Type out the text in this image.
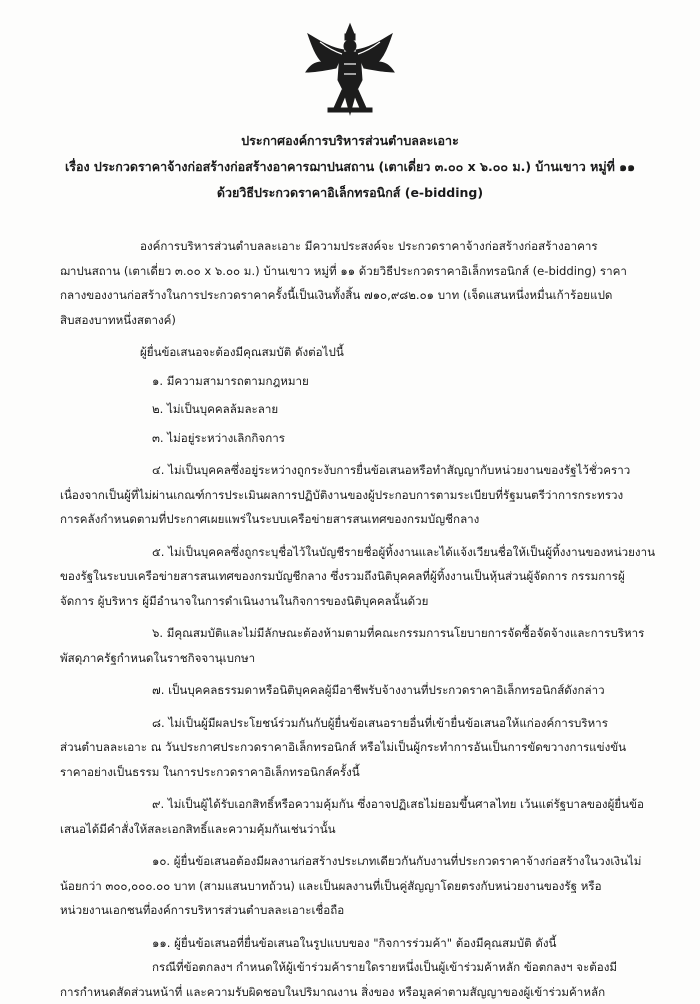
ประกาศองค์การบริหารส่วนตำบลละเอาะ
เรื่อง ประกวดราคาจ้างก่อสร้างก่อสร้างอาคารฌาปนสถาน (เตาเดี่ยว ๓.๐๐ x ๖.๐๐ ม.) บ้านเขาว หมู่ที่ ๑๑
ด้วยวิธีประกวดราคาอิเล็กทรอนิกส์ (e-bidding)
องค์การบริหารส่วนตำบลละเอาะ มีความประสงค์จะ ประกวดราคาจ้างก่อสร้างก่อสร้างอาคาร
ฌาปนสถาน (เตาเดี่ยว ๓.๐๐ x ๖.๐๐ ม.) บ้านเขาว หมู่ที่ ๑๑ ด้วยวิธีประกวดราคาอิเล็กทรอนิกส์ (e-bidding) ราคา
กลางของงานก่อสร้างในการประกวดราคาครั้งนี้เป็นเงินทั้งสิ้น ๗๑๐,๙๘๒.๐๑ บาท (เจ็ดแสนหนึ่งหมื่นเก้าร้อยแปด
สิบสองบาทหนึ่งสตางค์)
ผู้ยื่นข้อเสนอจะต้องมีคุณสมบัติ ดังต่อไปนี้
๑. มีความสามารถตามกฎหมาย
๒. ไม่เป็นบุคคลล้มละลาย
๓. ไม่อยู่ระหว่างเลิกกิจการ
๔. ไม่เป็นบุคคลซึ่งอยู่ระหว่างถูกระงับการยื่นข้อเสนอหรือทำสัญญากับหน่วยงานของรัฐไว้ชั่วคราว
เนื่องจากเป็นผู้ที่ไม่ผ่านเกณฑ์การประเมินผลการปฏิบัติงานของผู้ประกอบการตามระเบียบที่รัฐมนตรีว่าการกระทรวง
การคลังกำหนดตามที่ประกาศเผยแพร่ในระบบเครือข่ายสารสนเทศของกรมบัญชีกลาง
๕. ไม่เป็นบุคคลซึ่งถูกระบุชื่อไว้ในบัญชีรายชื่อผู้ทิ้งงานและได้แจ้งเวียนชื่อให้เป็นผู้ทิ้งงานของหน่วยงาน
ของรัฐในระบบเครือข่ายสารสนเทศของกรมบัญชีกลาง ซึ่งรวมถึงนิติบุคคลที่ผู้ทิ้งงานเป็นหุ้นส่วนผู้จัดการ กรรมการผู้
จัดการ ผู้บริหาร ผู้มีอำนาจในการดำเนินงานในกิจการของนิติบุคคลนั้นด้วย
๖. มีคุณสมบัติและไม่มีลักษณะต้องห้ามตามที่คณะกรรมการนโยบายการจัดซื้อจัดจ้างและการบริหาร
พัสดุภาครัฐกำหนดในราชกิจจานุเบกษา
๗. เป็นบุคคลธรรมดาหรือนิติบุคคลผู้มีอาชีพรับจ้างงานที่ประกวดราคาอิเล็กทรอนิกส์ดังกล่าว
๘. ไม่เป็นผู้มีผลประโยชน์ร่วมกันกับผู้ยื่นข้อเสนอรายอื่นที่เข้ายื่นข้อเสนอให้แก่องค์การบริหาร
ส่วนตำบลละเอาะ ณ วันประกาศประกวดราคาอิเล็กทรอนิกส์ หรือไม่เป็นผู้กระทำการอันเป็นการขัดขวางการแข่งขัน
ราคาอย่างเป็นธรรม ในการประกวดราคาอิเล็กทรอนิกส์ครั้งนี้
๙. ไม่เป็นผู้ได้รับเอกสิทธิ์หรือความคุ้มกัน ซึ่งอาจปฏิเสธไม่ยอมขึ้นศาลไทย เว้นแต่รัฐบาลของผู้ยื่นข้อ
เสนอได้มีคำสั่งให้สละเอกสิทธิ์และความคุ้มกันเช่นว่านั้น
๑๐. ผู้ยื่นข้อเสนอต้องมีผลงานก่อสร้างประเภทเดียวกันกับงานที่ประกวดราคาจ้างก่อสร้างในวงเงินไม่
น้อยกว่า ๓๐๐,๐๐๐.๐๐ บาท (สามแสนบาทถ้วน) และเป็นผลงานที่เป็นคู่สัญญาโดยตรงกับหน่วยงานของรัฐ หรือ
หน่วยงานเอกชนที่องค์การบริหารส่วนตำบลละเอาะเชื่อถือ
๑๑. ผู้ยื่นข้อเสนอที่ยื่นข้อเสนอในรูปแบบของ "กิจการร่วมค้า" ต้องมีคุณสมบัติ ดังนี้
กรณีที่ข้อตกลงฯ กำหนดให้ผู้เข้าร่วมค้ารายใดรายหนึ่งเป็นผู้เข้าร่วมค้าหลัก ข้อตกลงฯ จะต้องมี
การกำหนดสัดส่วนหน้าที่ และความรับผิดชอบในปริมาณงาน สิ่งของ หรือมูลค่าตามสัญญาของผู้เข้าร่วมค้าหลัก
